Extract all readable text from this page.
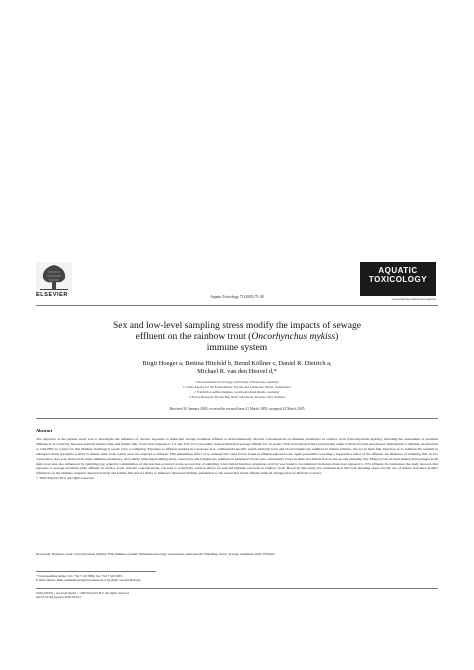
ELSEVIER	Aquatic Toxicology 73 (2005) 79–90
AQUATIC
TOXICOLOGY
www.elsevier.com/locate/aquatox
Sex and low-level sampling stress modify the impacts of sewage
effluent on the rainbow trout (Oncorhynchus mykiss)
immune system
Birgit Hoeger a, Bettina Hitzfeld b, Bernd Köllner c, Daniel R. Dietrich a,
Michael R. van den Heuvel d,*
a Environmental Toxicology, University of Konstanz, Germany
b Swiss Agency for the Environment, Forests and Landscape, Berne, Switzerland
c Friedrich-Loeffler-Institute, Greifswald-Insel Riems, Germany
d Forest Research, Private Bag 3020, Sala Street, Rotorua, New Zealand
Received 10 January 2005; received in revised form 21 March 2005; accepted 22 March 2005
Abstract
The objective of the present study was to investigate the influence of chronic exposure to municipal sewage treatment effluent at environmentally relevant concentrations on immune parameters in rainbow trout (Oncorhynchus mykiss), including the assessment of potential differences in reactivity between sexually mature male and female fish. Trout were exposed to 1.5 and 15% (v/v) secondary treated municipal sewage effluent for 12 weeks. Fish were injected intra-peritoneally either with inactivated Aeromonas salmonicida to simulate an infection or with PBS as control for this immune challenge 6 weeks prior to sampling. Exposure to effluent resulted in a decrease in A. salmonicida-specific serum antibody level and blood lymphocyte numbers in mature females, but not in male fish. Injection of A. salmonicida resulted in enhanced serum lysozyme activity in mature male trout, which were not exposed to effluent. This stimulating effect of A. salmonicida could not be found in effluent-exposed trout, again potentially revealing a suppressive effect of the effluent. An influence of sampling fish on two consecutive days was observed in many immune parameters, most likely reflecting handling stress. Leucocyte and lymphocyte numbers in peripheral blood were consistently lower in male and female fish on the second sampling day. Phagocytosis in head kidney macrophages from male trout was also influenced by sampling day, whereby a stimulation of this reaction occurred on the second day of sampling. Liver mixed function oxygenase activity was found to be enhanced in mature male trout exposed to 15% effluent. In conclusion, the study showed, that exposure to sewage treatment plant effluent, in surface water relevant concentrations, can lead to potentially adverse effects on selected immune reactions in rainbow trout. However, this study also demonstrated that both handling stress and the sex of mature fish have distinct influences on the immune response detected in male and female fish and are likely to influence measured immune parameters to the extent that subtle effluent induced changes may be difficult to detect.
© 2005 Elsevier B.V. All rights reserved.
Keywords: Rainbow trout; Oncorhynchus mykiss; Fish immune system; Immunotoxicology; Aeromonas salmonicida; Handling stress; Sewage treatment plant; Effluent
* Corresponding author. Tel.: +64 7 343 5899; fax: +64 7 343 5005.
E-mail address: mike.vandenheuvel@forestresearch.co.nz (M.R. van den Heuvel).
0166-445X/$ – see front matter © 2005 Elsevier B.V. All rights reserved.
doi:10.1016/j.aquatox.2005.03.014
